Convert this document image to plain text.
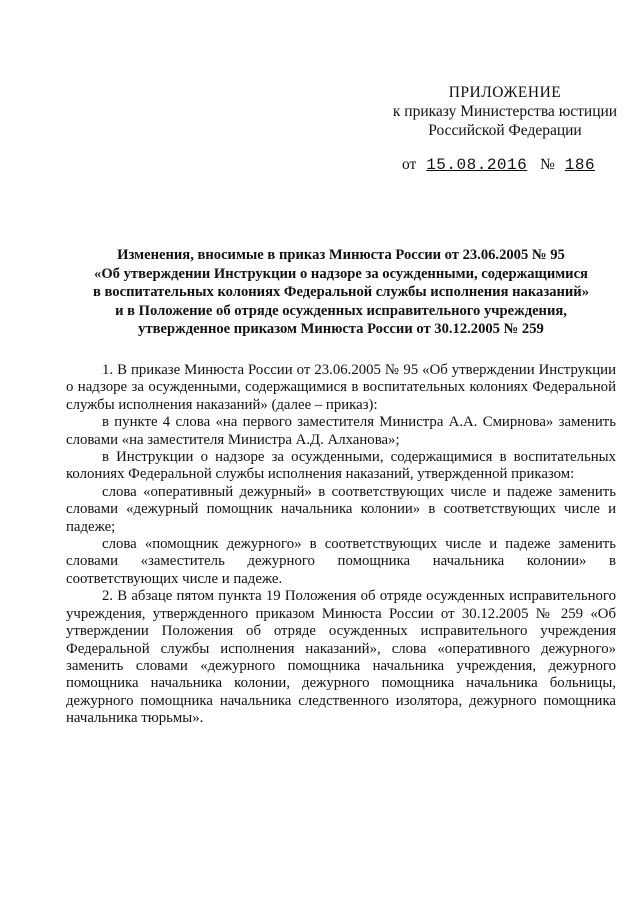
ПРИЛОЖЕНИЕ
к приказу Министерства юстиции
Российской Федерации
от 15.08.2016 № 186
Изменения, вносимые в приказ Минюста России от 23.06.2005 № 95
«Об утверждении Инструкции о надзоре за осужденными, содержащимися
в воспитательных колониях Федеральной службы исполнения наказаний»
и в Положение об отряде осужденных исправительного учреждения,
утвержденное приказом Минюста России от 30.12.2005 № 259

1. В приказе Минюста России от 23.06.2005 № 95 «Об утверждении Инструкции о надзоре за осужденными, содержащимися в воспитательных колониях Федеральной службы исполнения наказаний» (далее – приказ):

в пункте 4 слова «на первого заместителя Министра А.А. Смирнова» заменить словами «на заместителя Министра А.Д. Алханова»;

в Инструкции о надзоре за осужденными, содержащимися в воспитательных колониях Федеральной службы исполнения наказаний, утвержденной приказом:

слова «оперативный дежурный» в соответствующих числе и падеже заменить словами «дежурный помощник начальника колонии» в соответствующих числе и падеже;

слова «помощник дежурного» в соответствующих числе и падеже заменить словами «заместитель дежурного помощника начальника колонии» в соответствующих числе и падеже.

2. В абзаце пятом пункта 19 Положения об отряде осужденных исправительного учреждения, утвержденного приказом Минюста России от 30.12.2005 № 259 «Об утверждении Положения об отряде осужденных исправительного учреждения Федеральной службы исполнения наказаний», слова «оперативного дежурного» заменить словами «дежурного помощника начальника учреждения, дежурного помощника начальника колонии, дежурного помощника начальника больницы, дежурного помощника начальника следственного изолятора, дежурного помощника начальника тюрьмы».
